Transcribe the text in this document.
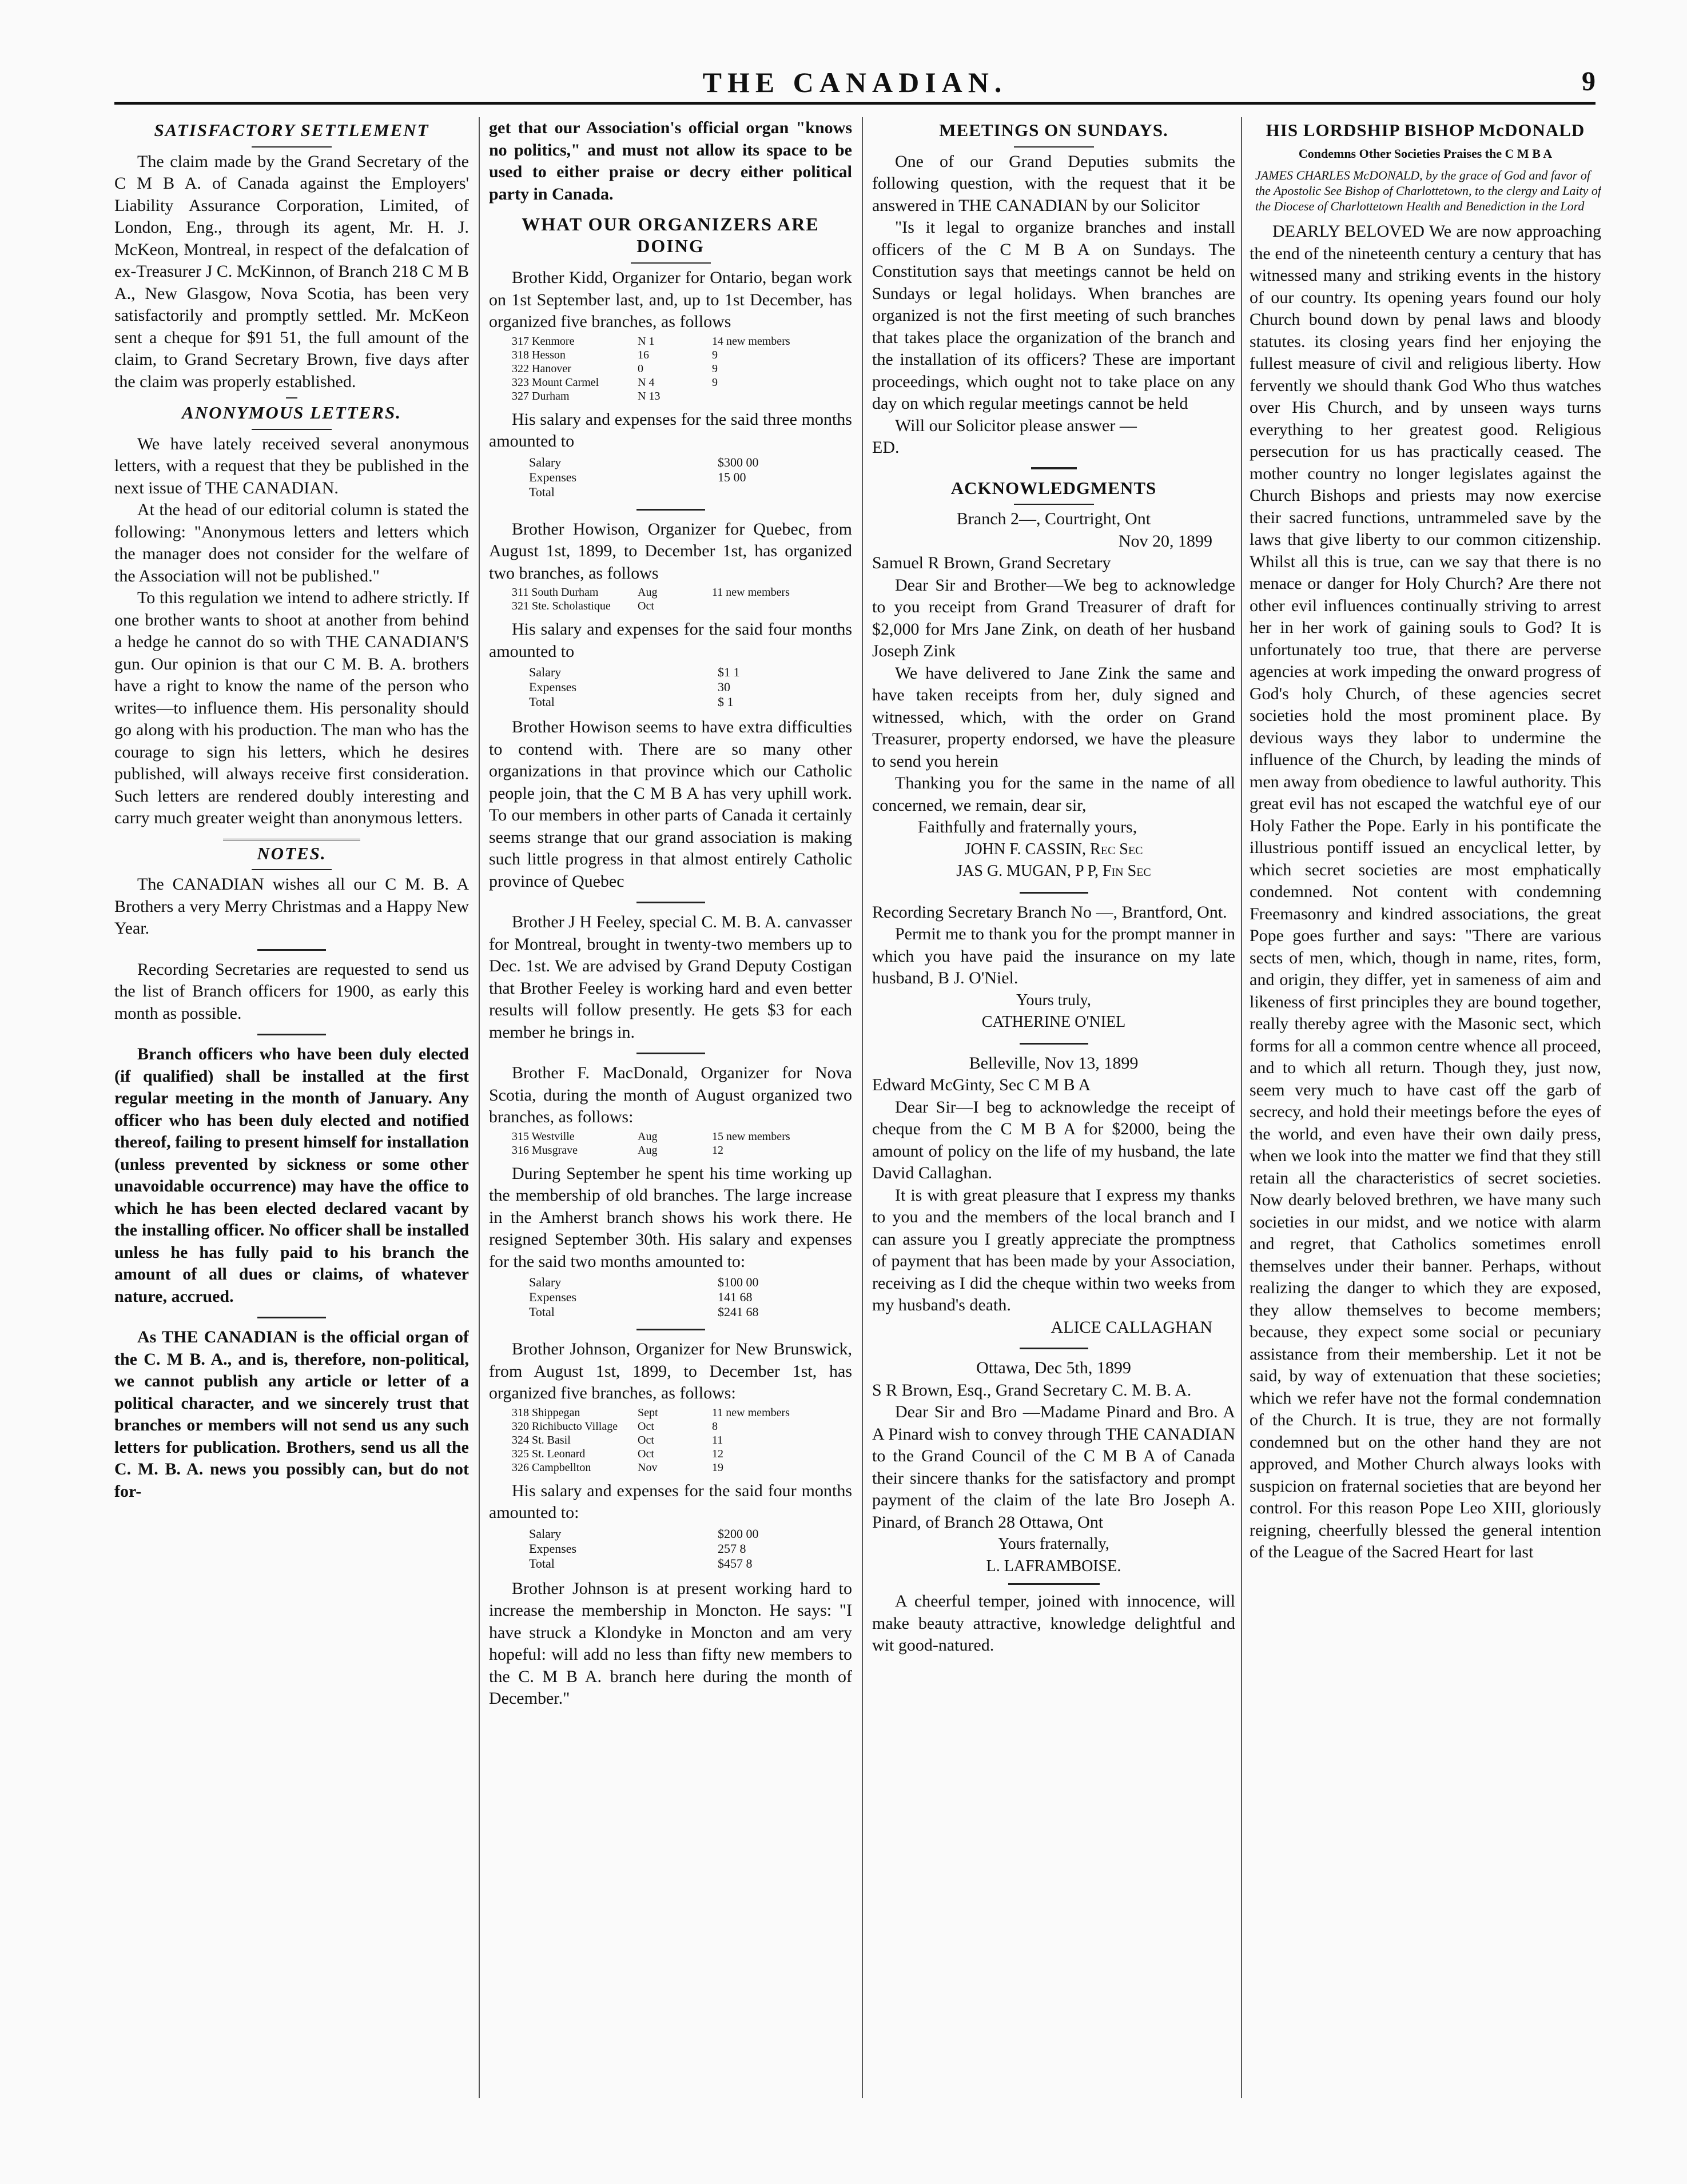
THE CANADIAN.	9
SATISFACTORY SETTLEMENT

The claim made by the Grand Secretary of the C M B A. of Canada against the Employers' Liability Assurance Corporation, Limited, of London, Eng., through its agent, Mr. H. J. McKeon, Montreal, in respect of the defalcation of ex-Treasurer J C. McKinnon, of Branch 218 C M B A., New Glasgow, Nova Scotia, has been very satisfactorily and promptly settled. Mr. McKeon sent a cheque for $91 51, the full amount of the claim, to Grand Secretary Brown, five days after the claim was properly established.

ANONYMOUS LETTERS.

We have lately received several anonymous letters, with a request that they be published in the next issue of THE CANADIAN.

At the head of our editorial column is stated the following: "Anonymous letters and letters which the manager does not consider for the welfare of the Association will not be published."

To this regulation we intend to adhere strictly. If one brother wants to shoot at another from behind a hedge he cannot do so with THE CANADIAN'S gun. Our opinion is that our C M. B. A. brothers have a right to know the name of the person who writes—to influence them. His personality should go along with his production. The man who has the courage to sign his letters, which he desires published, will always receive first consideration. Such letters are rendered doubly interesting and carry much greater weight than anonymous letters.

NOTES.

The CANADIAN wishes all our C M. B. A Brothers a very Merry Christmas and a Happy New Year.

Recording Secretaries are requested to send us the list of Branch officers for 1900, as early this month as possible.

Branch officers who have been duly elected (if qualified) shall be installed at the first regular meeting in the month of January. Any officer who has been duly elected and notified thereof, failing to present himself for installation (unless prevented by sickness or some other unavoidable occurrence) may have the office to which he has been elected declared vacant by the installing officer. No officer shall be installed unless he has fully paid to his branch the amount of all dues or claims, of whatever nature, accrued.

As THE CANADIAN is the official organ of the C. M B. A., and is, therefore, non-political, we cannot publish any article or letter of a political character, and we sincerely trust that branches or members will not send us any such letters for publication. Brothers, send us all the C. M. B. A. news you possibly can, but do not for-

get that our Association's official organ "knows no politics," and must not allow its space to be used to either praise or decry either political party in Canada.

WHAT OUR ORGANIZERS ARE DOING

Brother Kidd, Organizer for Ontario, began work on 1st September last, and, up to 1st December, has organized five branches, as follows

317 Kenmore	N 1	14 new members
318 Hesson	16	9
322 Hanover	0	9
323 Mount Carmel	N 4	9
327 Durham	N 13

His salary and expenses for the said three months amounted to

Salary	$300 00
Expenses	15 00
Total

Brother Howison, Organizer for Quebec, from August 1st, 1899, to December 1st, has organized two branches, as follows

311 South Durham	Aug	11 new members
321 Ste. Scholastique	Oct

His salary and expenses for the said four months amounted to

Salary	$1 1
Expenses	30
Total	$ 1

Brother Howison seems to have extra difficulties to contend with. There are so many other organizations in that province which our Catholic people join, that the C M B A has very uphill work. To our members in other parts of Canada it certainly seems strange that our grand association is making such little progress in that almost entirely Catholic province of Quebec

Brother J H Feeley, special C. M. B. A. canvasser for Montreal, brought in twenty-two members up to Dec. 1st. We are advised by Grand Deputy Costigan that Brother Feeley is working hard and even better results will follow presently. He gets $3 for each member he brings in.

Brother F. MacDonald, Organizer for Nova Scotia, during the month of August organized two branches, as follows:

315 Westville	Aug	15 new members
316 Musgrave	Aug	12

During September he spent his time working up the membership of old branches. The large increase in the Amherst branch shows his work there. He resigned September 30th. His salary and expenses for the said two months amounted to:

Salary	$100 00
Expenses	141 68
Total	$241 68

Brother Johnson, Organizer for New Brunswick, from August 1st, 1899, to December 1st, has organized five branches, as follows:

318 Shippegan	Sept	11 new members
320 Richibucto Village	Oct	8
324 St. Basil	Oct	11
325 St. Leonard	Oct	12
326 Campbellton	Nov	19

His salary and expenses for the said four months amounted to:

Salary	$200 00
Expenses	257 8
Total	$457 8

Brother Johnson is at present working hard to increase the membership in Moncton. He says: "I have struck a Klondyke in Moncton and am very hopeful: will add no less than fifty new members to the C. M B A. branch here during the month of December."

MEETINGS ON SUNDAYS.

One of our Grand Deputies submits the following question, with the request that it be answered in THE CANADIAN by our Solicitor

"Is it legal to organize branches and install officers of the C M B A on Sundays. The Constitution says that meetings cannot be held on Sundays or legal holidays. When branches are organized is not the first meeting of such branches that takes place the organization of the branch and the installation of its officers? These are important proceedings, which ought not to take place on any day on which regular meetings cannot be held

Will our Solicitor please answer —

ED.

ACKNOWLEDGMENTS

Branch 2—, Courtright, Ont

Nov 20, 1899

Samuel R Brown, Grand Secretary

Dear Sir and Brother—We beg to acknowledge to you receipt from Grand Treasurer of draft for $2,000 for Mrs Jane Zink, on death of her husband Joseph Zink

We have delivered to Jane Zink the same and have taken receipts from her, duly signed and witnessed, which, with the order on Grand Treasurer, property endorsed, we have the pleasure to send you herein

Thanking you for the same in the name of all concerned, we remain, dear sir,

Faithfully and fraternally yours,

JOHN F. CASSIN, Rec Sec

JAS G. MUGAN, P P, Fin Sec

Recording Secretary Branch No —, Brantford, Ont.

Permit me to thank you for the prompt manner in which you have paid the insurance on my late husband, B J. O'Niel.

Yours truly,

CATHERINE O'NIEL

Belleville, Nov 13, 1899

Edward McGinty, Sec C M B A

Dear Sir—I beg to acknowledge the receipt of cheque from the C M B A for $2000, being the amount of policy on the life of my husband, the late David Callaghan.

It is with great pleasure that I express my thanks to you and the members of the local branch and I can assure you I greatly appreciate the promptness of payment that has been made by your Association, receiving as I did the cheque within two weeks from my husband's death.

ALICE CALLAGHAN

Ottawa, Dec 5th, 1899

S R Brown, Esq., Grand Secretary C. M. B. A.

Dear Sir and Bro —Madame Pinard and Bro. A A Pinard wish to convey through THE CANADIAN to the Grand Council of the C M B A of Canada their sincere thanks for the satisfactory and prompt payment of the claim of the late Bro Joseph A. Pinard, of Branch 28 Ottawa, Ont

Yours fraternally,

L. LAFRAMBOISE.

A cheerful temper, joined with innocence, will make beauty attractive, knowledge delightful and wit good-natured.

HIS LORDSHIP BISHOP McDONALD
Condemns Other Societies Praises the C M B A
JAMES CHARLES McDONALD, by the grace of God and favor of the Apostolic See Bishop of Charlottetown, to the clergy and Laity of the Diocese of Charlottetown Health and Benediction in the Lord

DEARLY BELOVED We are now approaching the end of the nineteenth century a century that has witnessed many and striking events in the history of our country. Its opening years found our holy Church bound down by penal laws and bloody statutes. its closing years find her enjoying the fullest measure of civil and religious liberty. How fervently we should thank God Who thus watches over His Church, and by unseen ways turns everything to her greatest good. Religious persecution for us has practically ceased. The mother country no longer legislates against the Church Bishops and priests may now exercise their sacred functions, untrammeled save by the laws that give liberty to our common citizenship. Whilst all this is true, can we say that there is no menace or danger for Holy Church? Are there not other evil influences continually striving to arrest her in her work of gaining souls to God? It is unfortunately too true, that there are perverse agencies at work impeding the onward progress of God's holy Church, of these agencies secret societies hold the most prominent place. By devious ways they labor to undermine the influence of the Church, by leading the minds of men away from obedience to lawful authority. This great evil has not escaped the watchful eye of our Holy Father the Pope. Early in his pontificate the illustrious pontiff issued an encyclical letter, by which secret societies are most emphatically condemned. Not content with condemning Freemasonry and kindred associations, the great Pope goes further and says: "There are various sects of men, which, though in name, rites, form, and origin, they differ, yet in sameness of aim and likeness of first principles they are bound together, really thereby agree with the Masonic sect, which forms for all a common centre whence all proceed, and to which all return. Though they, just now, seem very much to have cast off the garb of secrecy, and hold their meetings before the eyes of the world, and even have their own daily press, when we look into the matter we find that they still retain all the characteristics of secret societies. Now dearly beloved brethren, we have many such societies in our midst, and we notice with alarm and regret, that Catholics sometimes enroll themselves under their banner. Perhaps, without realizing the danger to which they are exposed, they allow themselves to become members; because, they expect some social or pecuniary assistance from their membership. Let it not be said, by way of extenuation that these societies; which we refer have not the formal condemnation of the Church. It is true, they are not formally condemned but on the other hand they are not approved, and Mother Church always looks with suspicion on fraternal societies that are beyond her control. For this reason Pope Leo XIII, gloriously reigning, cheerfully blessed the general intention of the League of the Sacred Heart for last
